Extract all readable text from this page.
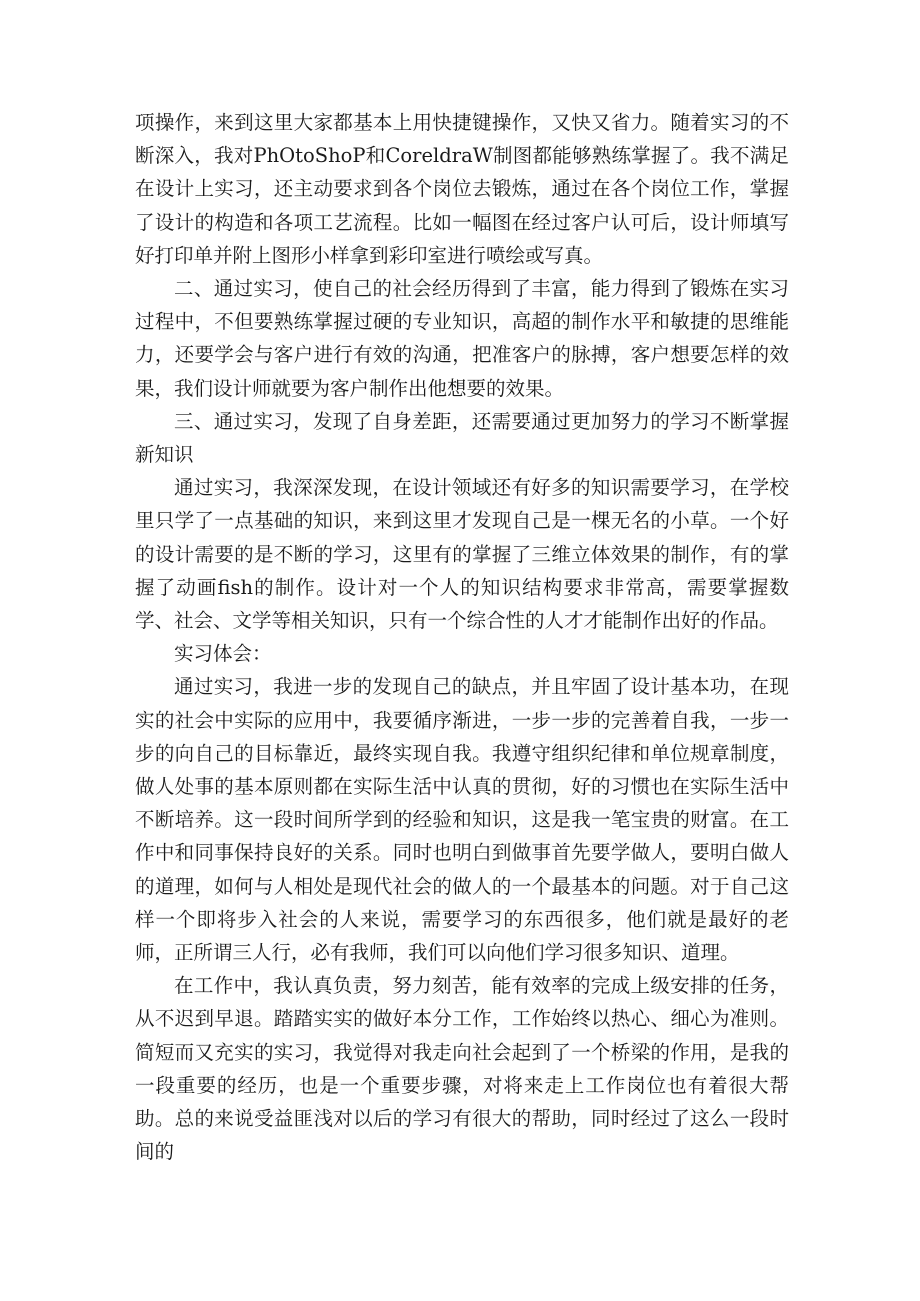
项操作，来到这里大家都基本上用快捷键操作，又快又省力。随着实习的不断深入，我对PhOtoShoP和CoreldraW制图都能够熟练掌握了。我不满足在设计上实习，还主动要求到各个岗位去锻炼，通过在各个岗位工作，掌握了设计的构造和各项工艺流程。比如一幅图在经过客户认可后，设计师填写好打印单并附上图形小样拿到彩印室进行喷绘或写真。

二、通过实习，使自己的社会经历得到了丰富，能力得到了锻炼在实习过程中，不但要熟练掌握过硬的专业知识，高超的制作水平和敏捷的思维能力，还要学会与客户进行有效的沟通，把准客户的脉搏，客户想要怎样的效果，我们设计师就要为客户制作出他想要的效果。

三、通过实习，发现了自身差距，还需要通过更加努力的学习不断掌握新知识

通过实习，我深深发现，在设计领域还有好多的知识需要学习，在学校里只学了一点基础的知识，来到这里才发现自己是一棵无名的小草。一个好的设计需要的是不断的学习，这里有的掌握了三维立体效果的制作，有的掌握了动画fish的制作。设计对一个人的知识结构要求非常高，需要掌握数学、社会、文学等相关知识，只有一个综合性的人才才能制作出好的作品。

实习体会：

通过实习，我进一步的发现自己的缺点，并且牢固了设计基本功，在现实的社会中实际的应用中，我要循序渐进，一步一步的完善着自我，一步一步的向自己的目标靠近，最终实现自我。我遵守组织纪律和单位规章制度，做人处事的基本原则都在实际生活中认真的贯彻，好的习惯也在实际生活中不断培养。这一段时间所学到的经验和知识，这是我一笔宝贵的财富。在工作中和同事保持良好的关系。同时也明白到做事首先要学做人，要明白做人的道理，如何与人相处是现代社会的做人的一个最基本的问题。对于自己这样一个即将步入社会的人来说，需要学习的东西很多，他们就是最好的老师，正所谓三人行，必有我师，我们可以向他们学习很多知识、道理。

在工作中，我认真负责，努力刻苦，能有效率的完成上级安排的任务，从不迟到早退。踏踏实实的做好本分工作，工作始终以热心、细心为准则。简短而又充实的实习，我觉得对我走向社会起到了一个桥梁的作用，是我的一段重要的经历，也是一个重要步骤，对将来走上工作岗位也有着很大帮助。总的来说受益匪浅对以后的学习有很大的帮助，同时经过了这么一段时间的
